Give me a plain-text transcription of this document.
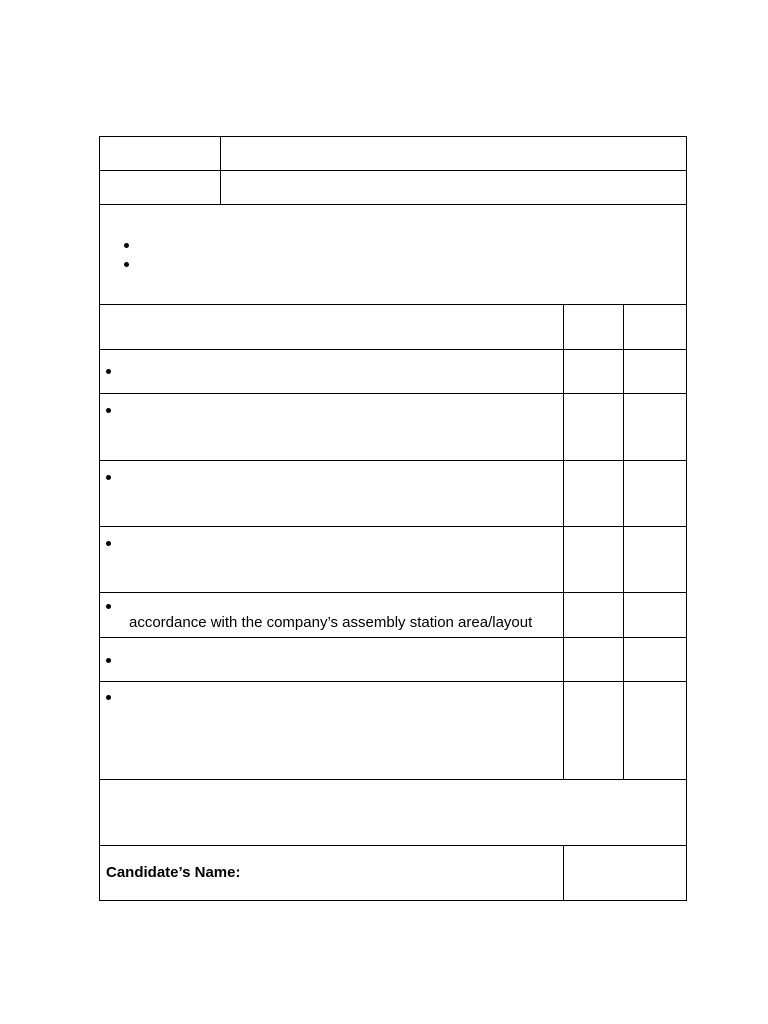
accordance with the company’s assembly station area/layout			

Candidate’s Name:			
